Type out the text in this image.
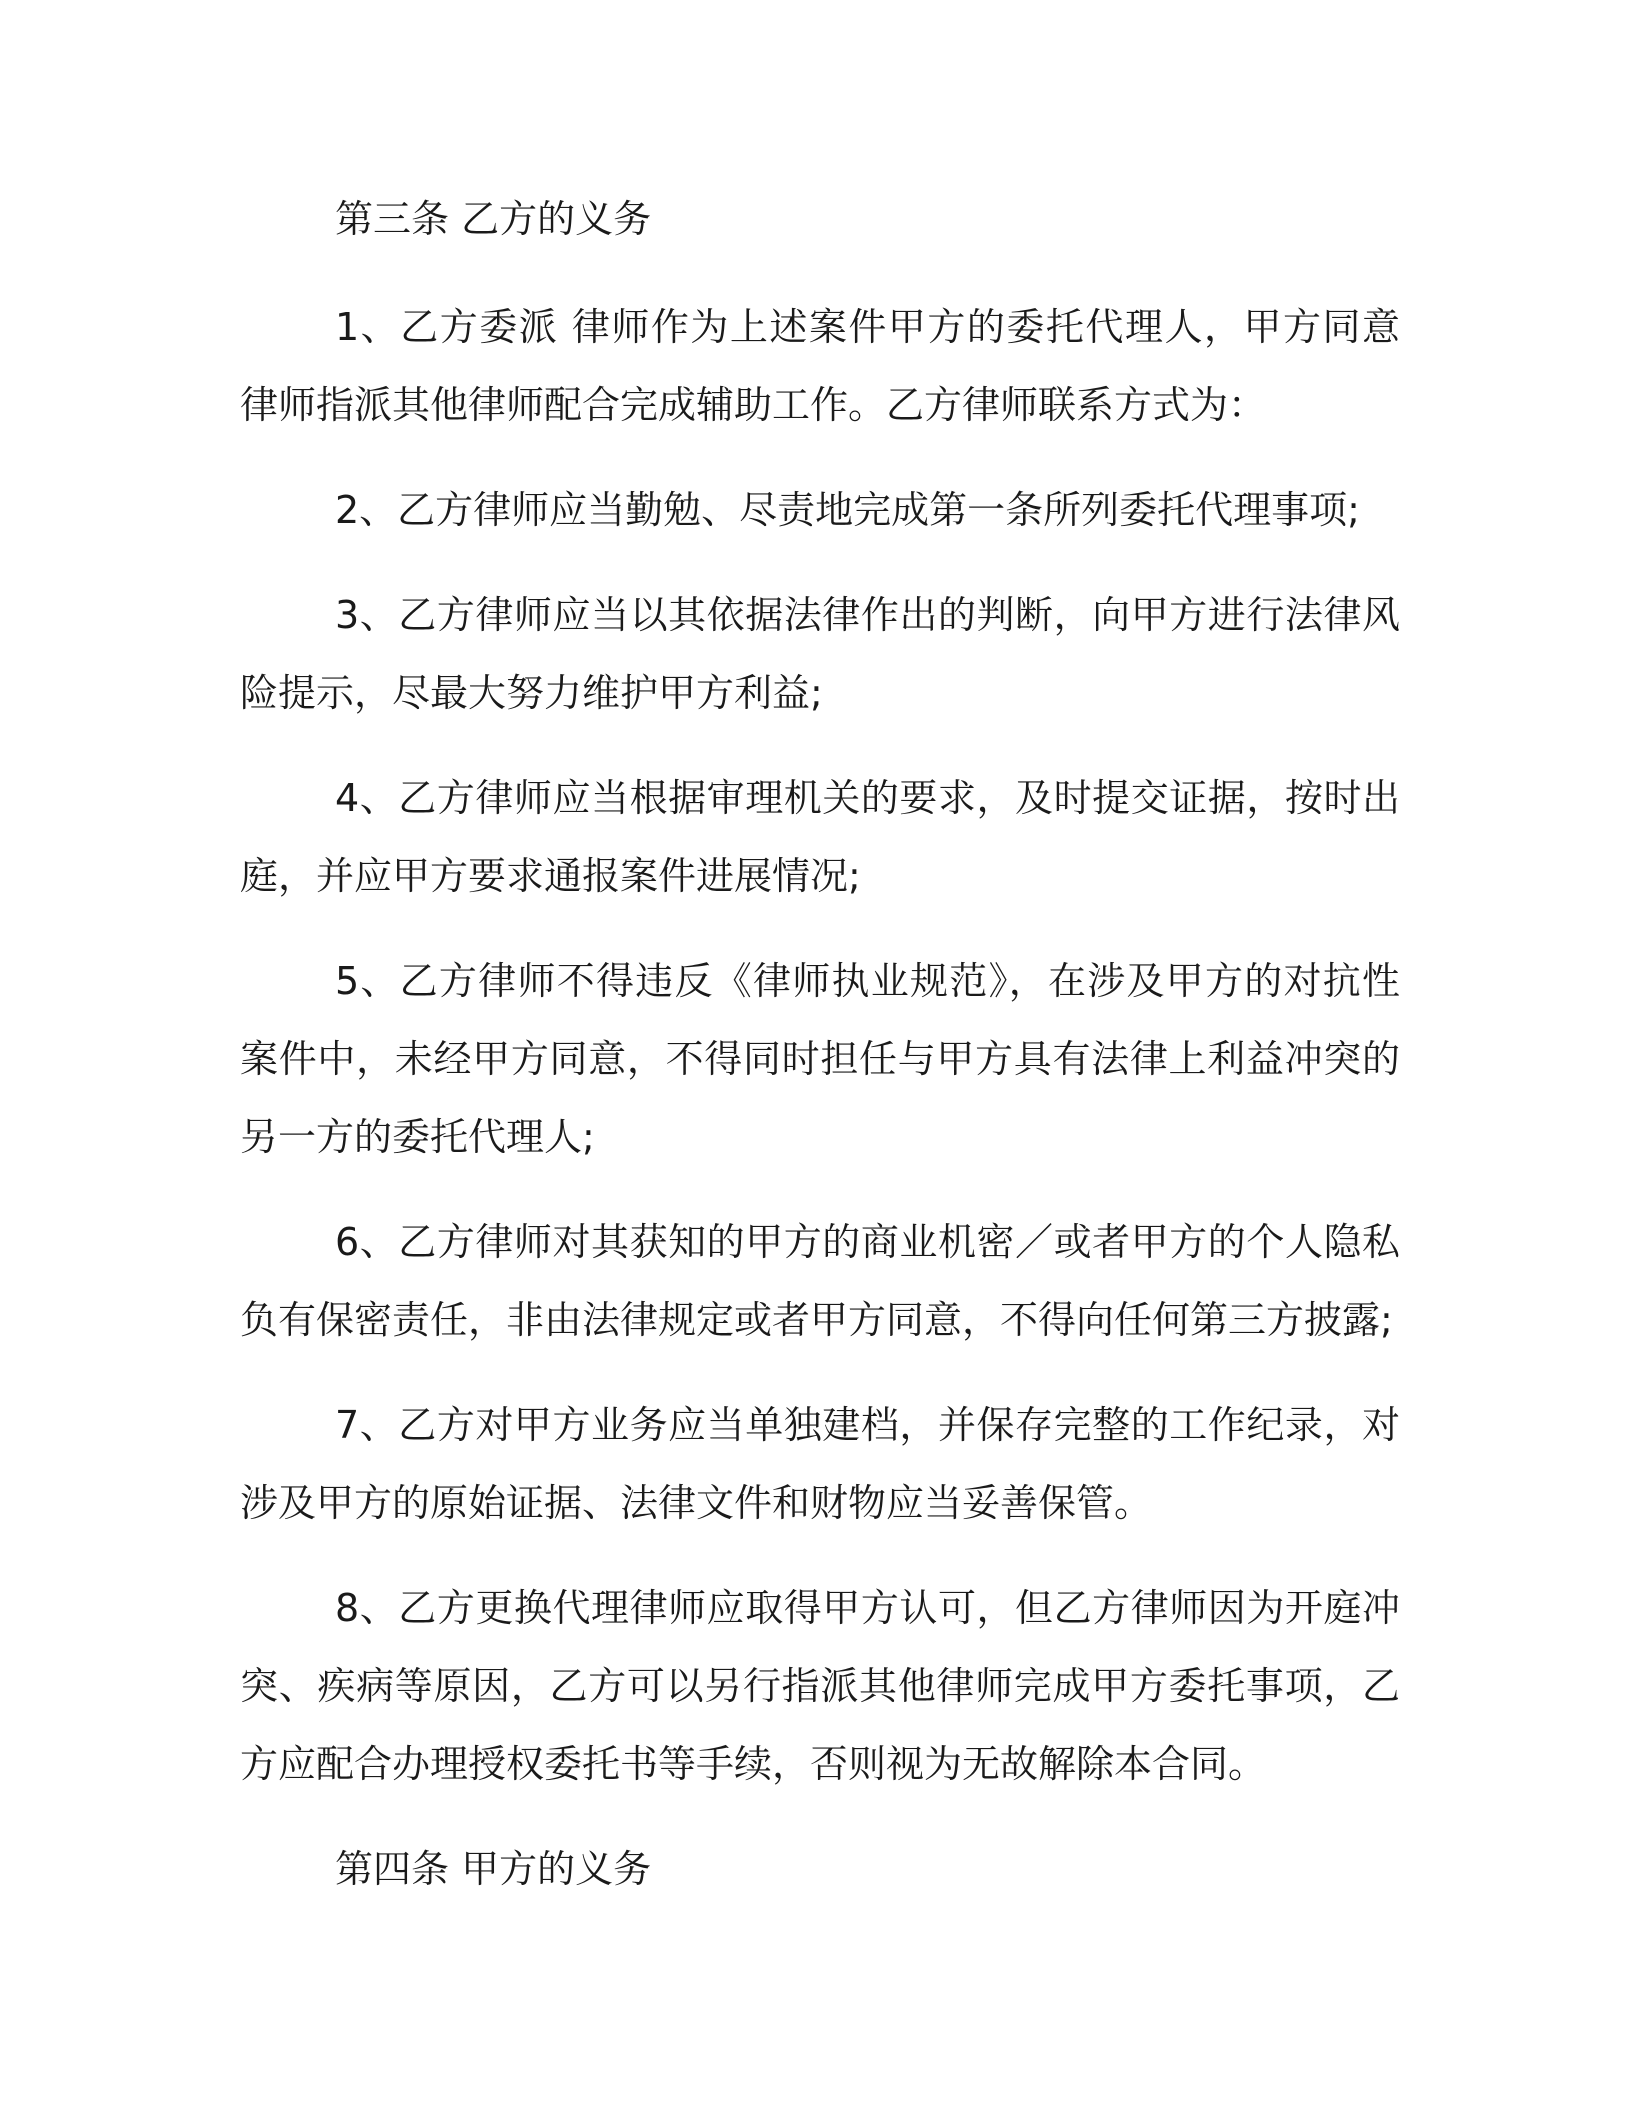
第三条 乙方的义务

1、乙方委派 律师作为上述案件甲方的委托代理人，甲方同意 律师指派其他律师配合完成辅助工作。乙方律师联系方式为：

2、乙方律师应当勤勉、尽责地完成第一条所列委托代理事项;

3、乙方律师应当以其依据法律作出的判断，向甲方进行法律风险提示，尽最大努力维护甲方利益;

4、乙方律师应当根据审理机关的要求，及时提交证据，按时出庭，并应甲方要求通报案件进展情况;

5、乙方律师不得违反《律师执业规范》，在涉及甲方的对抗性案件中，未经甲方同意，不得同时担任与甲方具有法律上利益冲突的另一方的委托代理人;

6、乙方律师对其获知的甲方的商业机密／或者甲方的个人隐私负有保密责任，非由法律规定或者甲方同意，不得向任何第三方披露;

7、乙方对甲方业务应当单独建档，并保存完整的工作纪录，对涉及甲方的原始证据、法律文件和财物应当妥善保管。

8、乙方更换代理律师应取得甲方认可，但乙方律师因为开庭冲突、疾病等原因，乙方可以另行指派其他律师完成甲方委托事项，乙方应配合办理授权委托书等手续，否则视为无故解除本合同。

第四条 甲方的义务
